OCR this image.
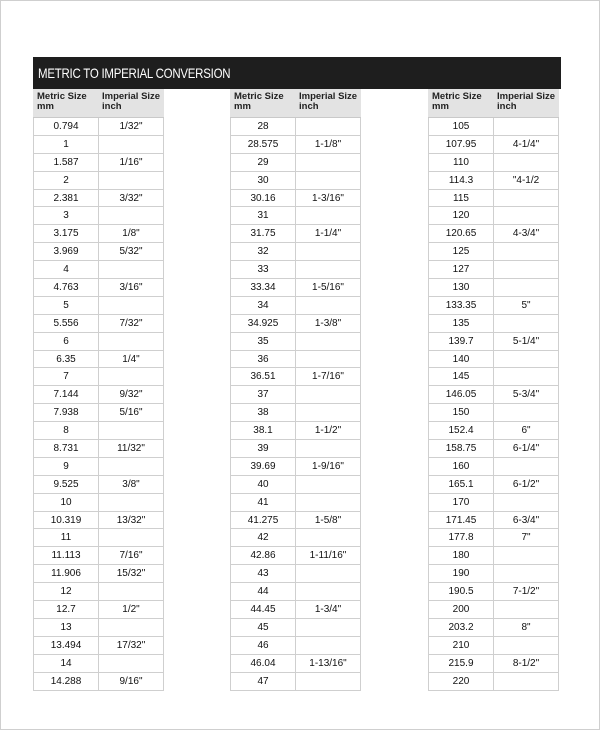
METRIC TO IMPERIAL CONVERSION
Metric Size
mm
Imperial Size
inch
0.794	1/32"
1
1.587	1/16"
2
2.381	3/32"
3
3.175	1/8"
3.969	5/32"
4
4.763	3/16"
5
5.556	7/32"
6
6.35	1/4"
7
7.144	9/32"
7.938	5/16"
8
8.731	11/32"
9
9.525	3/8"
10
10.319	13/32"
11
11.113	7/16"
11.906	15/32"
12
12.7	1/2"
13
13.494	17/32"
14
14.288	9/16"
Metric Size
mm
Imperial Size
inch
28
28.575	1-1/8"
29
30
30.16	1-3/16"
31
31.75	1-1/4"
32
33
33.34	1-5/16"
34
34.925	1-3/8"
35
36
36.51	1-7/16"
37
38
38.1	1-1/2"
39
39.69	1-9/16"
40
41
41.275	1-5/8"
42
42.86	1-11/16"
43
44
44.45	1-3/4"
45
46
46.04	1-13/16"
47
Metric Size
mm
Imperial Size
inch
105
107.95	4-1/4"
110
114.3	"4-1/2
115
120
120.65	4-3/4"
125
127
130
133.35	5"
135
139.7	5-1/4"
140
145
146.05	5-3/4"
150
152.4	6"
158.75	6-1/4"
160
165.1	6-1/2"
170
171.45	6-3/4"
177.8	7"
180
190
190.5	7-1/2"
200
203.2	8"
210
215.9	8-1/2"
220
